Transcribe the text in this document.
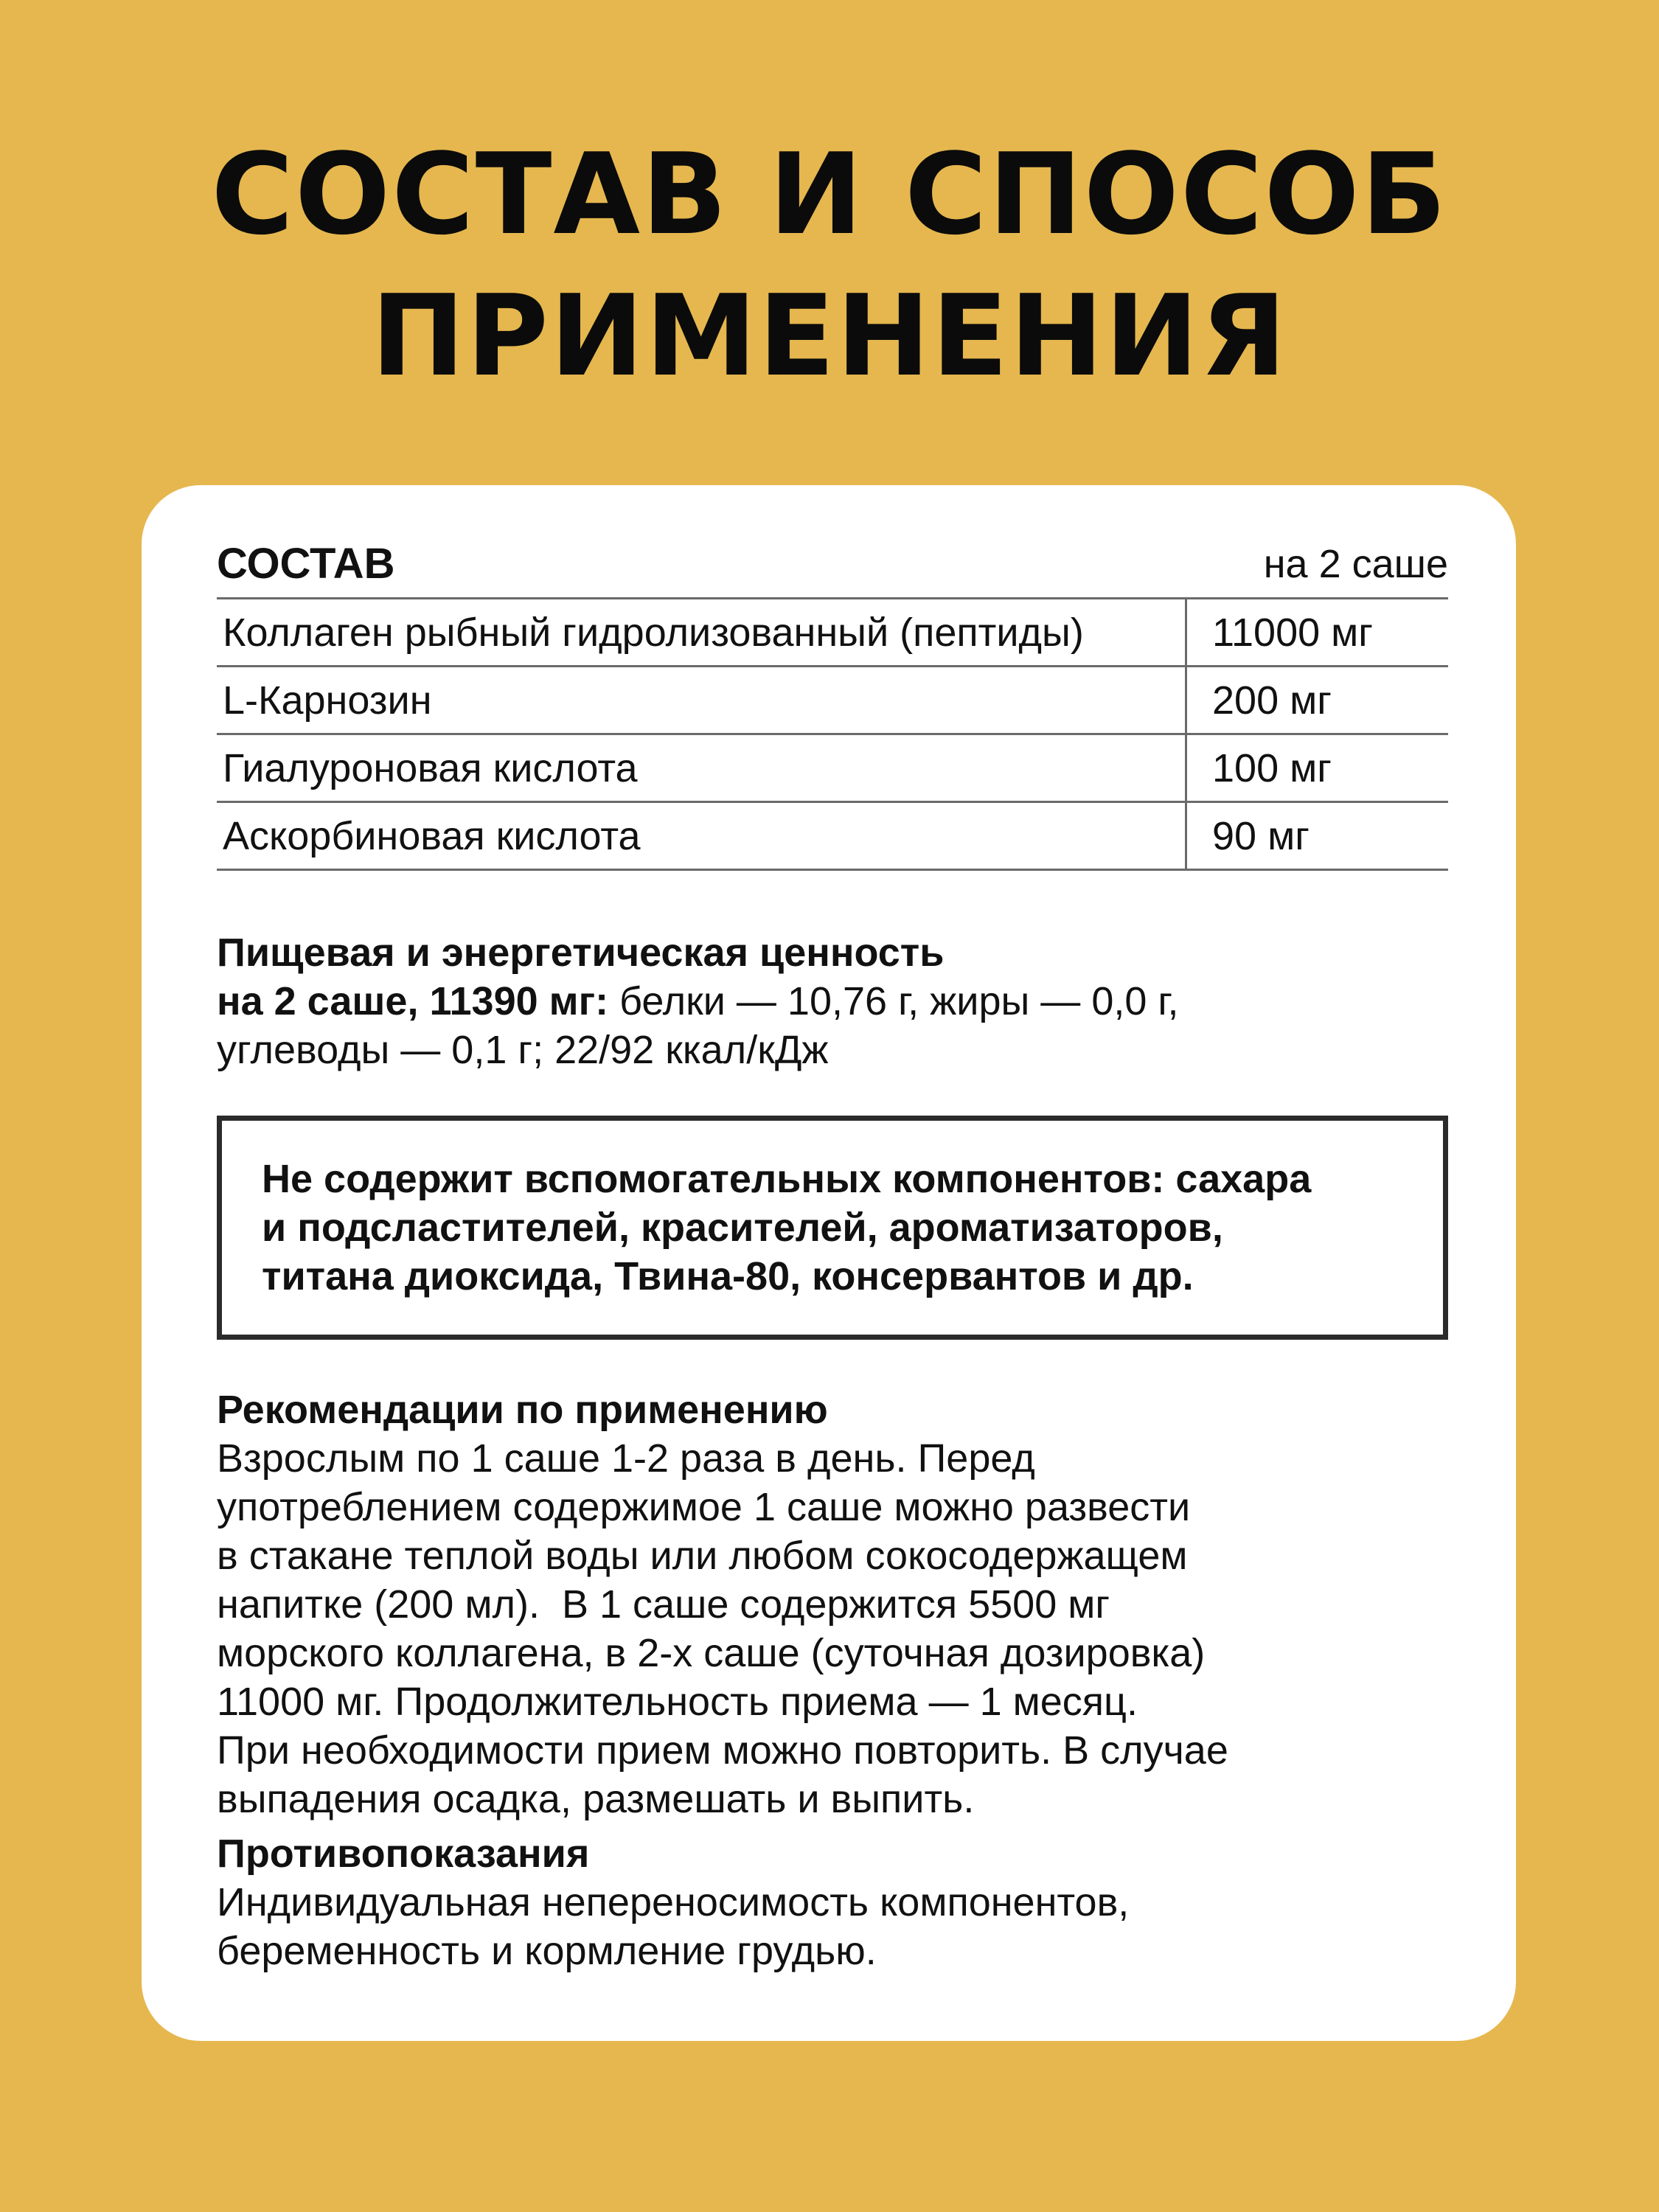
СОСТАВ И СПОСОБ
ПРИМЕНЕНИЯ
СОСТАВ	на 2 саше
Коллаген рыбный гидролизованный (пептиды)	11000 мг
L-Карнозин	200 мг
Гиалуроновая кислота	100 мг
Аскорбиновая кислота	90 мг
Пищевая и энергетическая ценность
на 2 саше, 11390 мг: белки — 10,76 г, жиры — 0,0 г,
углеводы — 0,1 г; 22/92 ккал/кДж
Не содержит вспомогательных компонентов: сахара
и подсластителей, красителей, ароматизаторов,
титана диоксида, Твина-80, консервантов и др.
Рекомендации по применению
Взрослым по 1 саше 1-2 раза в день. Перед
употреблением содержимое 1 саше можно развести
в стакане теплой воды или любом сокосодержащем
напитке (200 мл).  В 1 саше содержится 5500 мг
морского коллагена, в 2-х саше (суточная дозировка)
11000 мг. Продолжительность приема — 1 месяц.
При необходимости прием можно повторить. В случае
выпадения осадка, размешать и выпить.
Противопоказания
Индивидуальная непереносимость компонентов,
беременность и кормление грудью.
